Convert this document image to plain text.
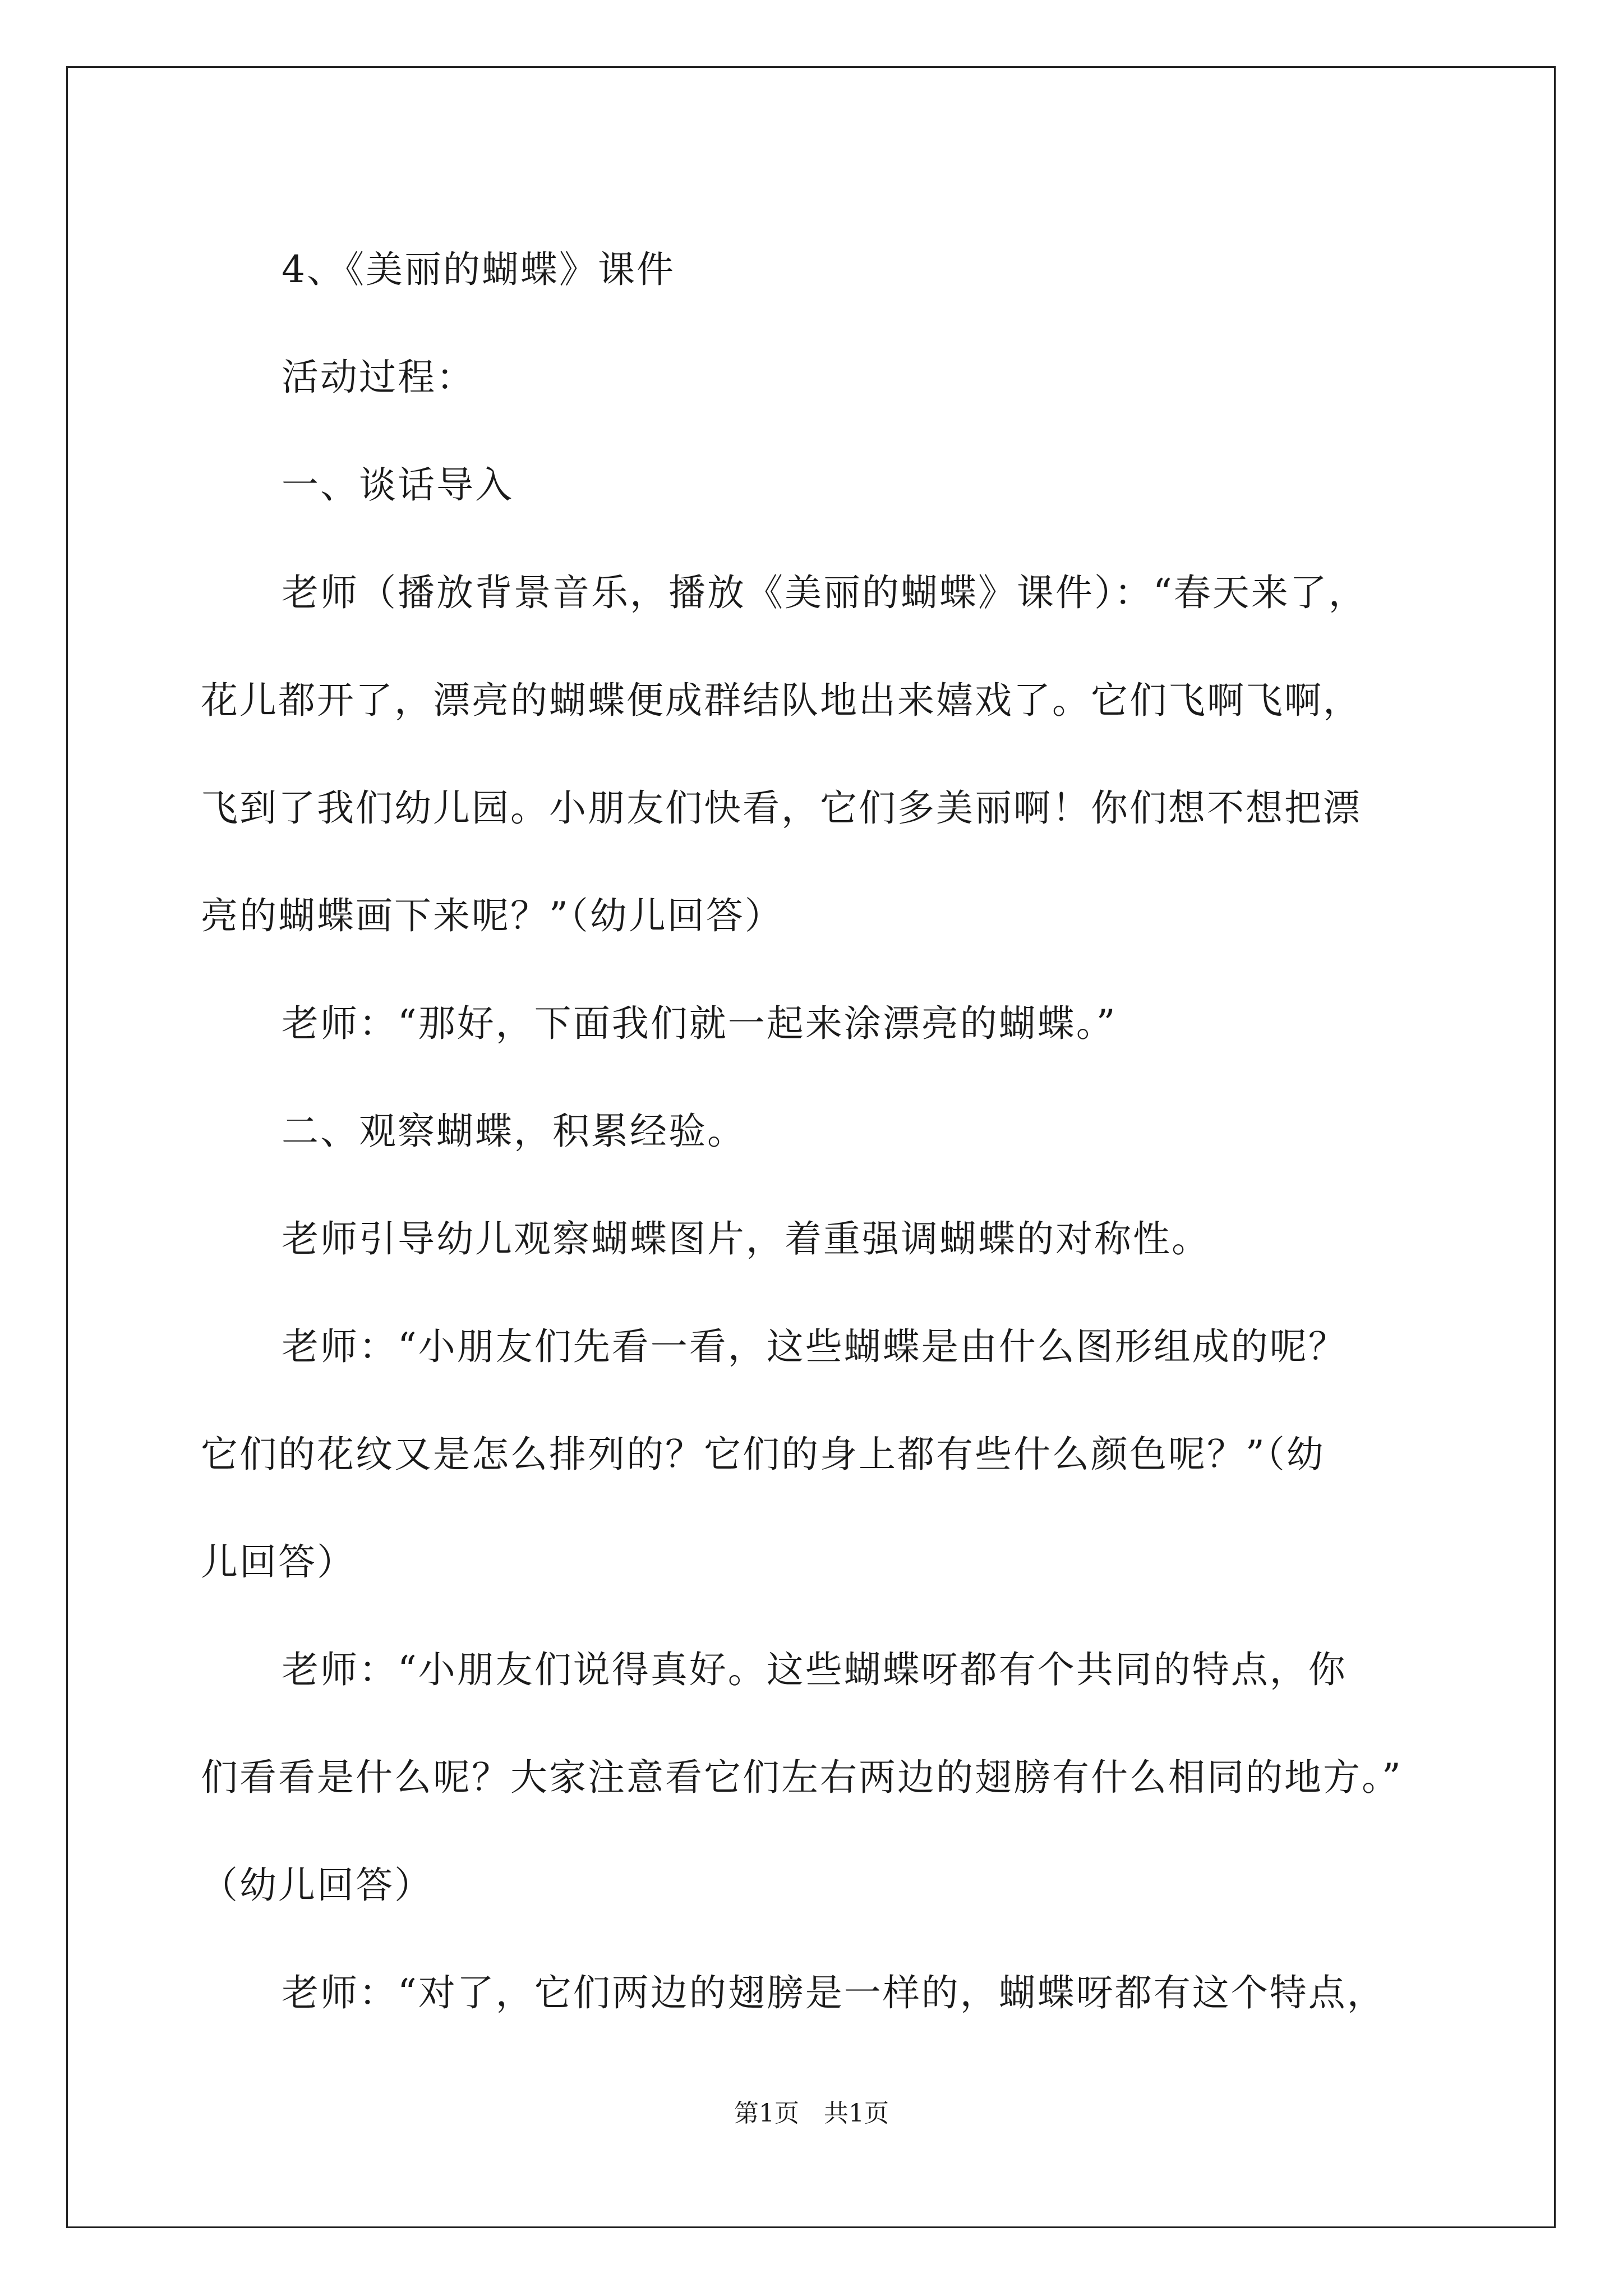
4、《美丽的蝴蝶》课件

活动过程：

一、谈话导入

老师（播放背景音乐，播放《美丽的蝴蝶》课件）：“春天来了，

花儿都开了，漂亮的蝴蝶便成群结队地出来嬉戏了。它们飞啊飞啊，

飞到了我们幼儿园。小朋友们快看，它们多美丽啊！你们想不想把漂

亮的蝴蝶画下来呢？”（幼儿回答）

老师：“那好，下面我们就一起来涂漂亮的蝴蝶。”

二、观察蝴蝶，积累经验。

老师引导幼儿观察蝴蝶图片，着重强调蝴蝶的对称性。

老师：“小朋友们先看一看，这些蝴蝶是由什么图形组成的呢？

它们的花纹又是怎么排列的？它们的身上都有些什么颜色呢？”（幼

儿回答）

老师：“小朋友们说得真好。这些蝴蝶呀都有个共同的特点，你

们看看是什么呢？大家注意看它们左右两边的翅膀有什么相同的地方。”

（幼儿回答）

老师：“对了，它们两边的翅膀是一样的，蝴蝶呀都有这个特点，

第1页　共1页
